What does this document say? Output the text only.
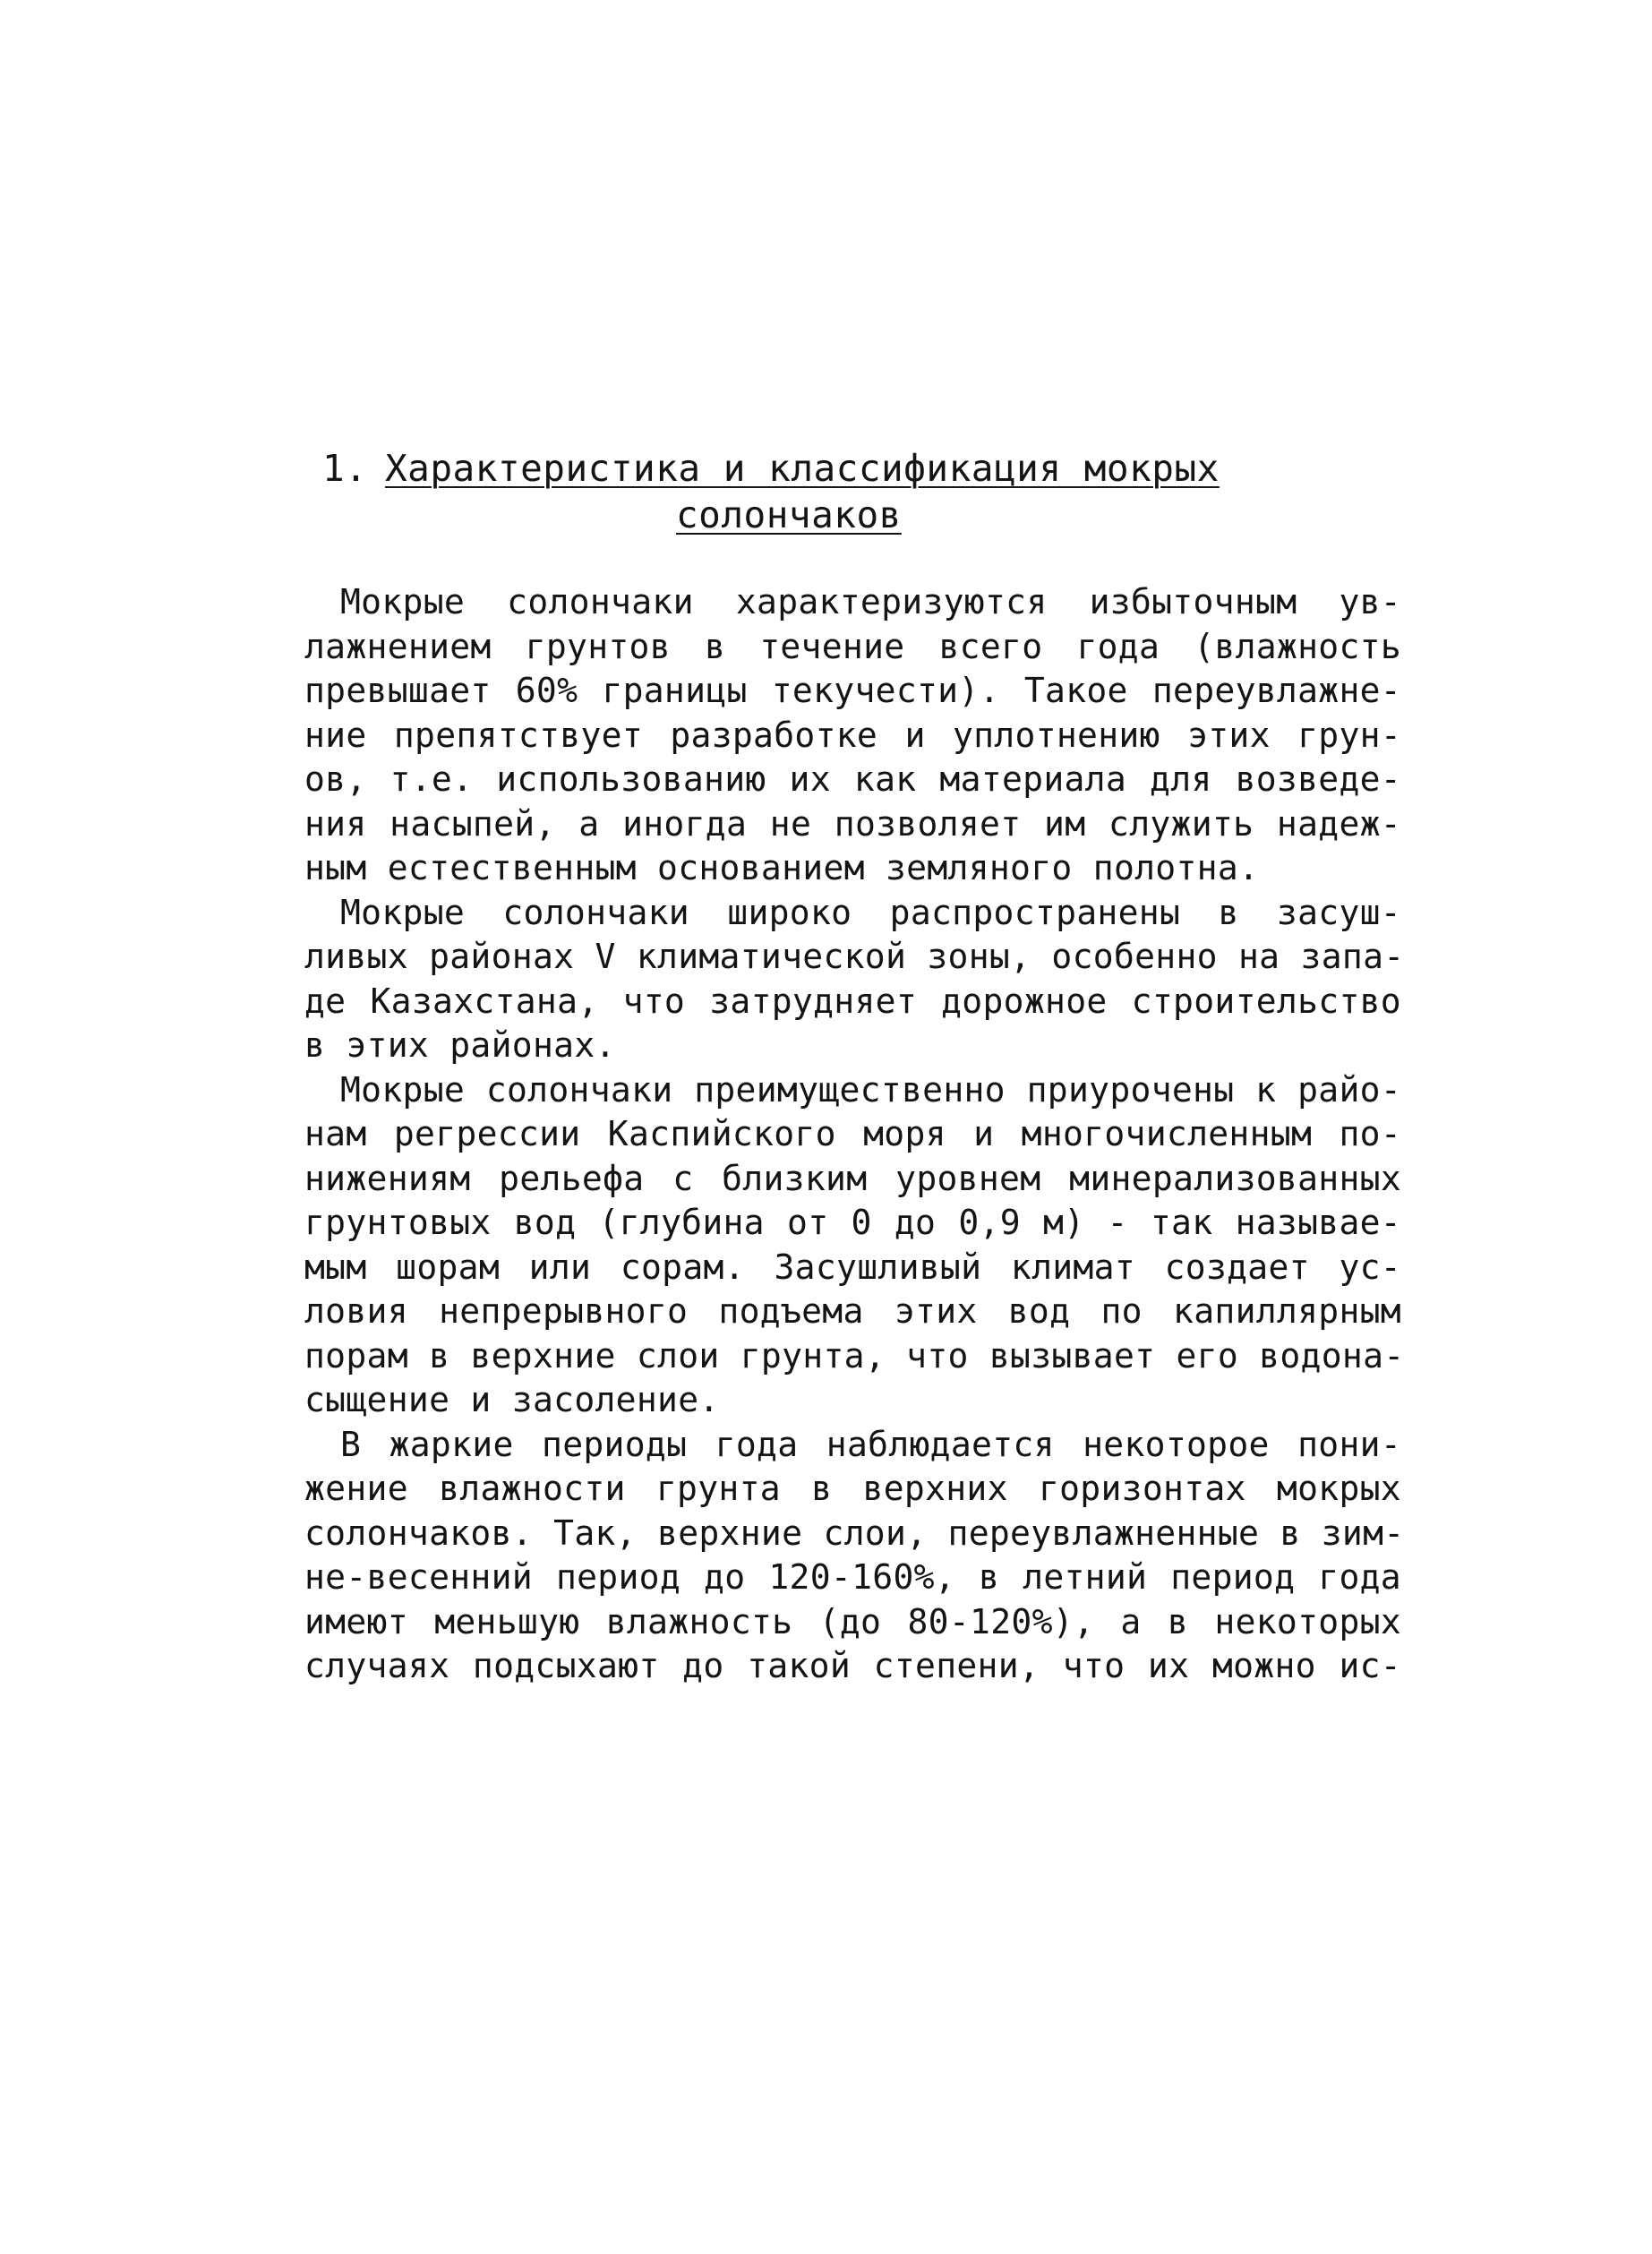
1. Характеристика и классификация мокрых
солончаков
Мокрые солончаки характеризуются избыточным ув-
лажнением грунтов в течение всего года (влажность
превышает 60% границы текучести). Такое переувлажне-
ние препятствует разработке и уплотнению этих грун-
ов, т.е. использованию их как материала для возведе-
ния насыпей, а иногда не позволяет им служить надеж-
ным естественным основанием земляного полотна.
Мокрые солончаки широко распространены в засуш-
ливых районах V климатической зоны, особенно на запа-
де Казахстана, что затрудняет дорожное строительство
в этих районах.
Мокрые солончаки преимущественно приурочены к райо-
нам регрессии Каспийского моря и многочисленным по-
нижениям рельефа с близким уровнем минерализованных
грунтовых вод (глубина от 0 до 0,9 м) - так называе-
мым шорам или сорам. Засушливый климат создает ус-
ловия непрерывного подъема этих вод по капиллярным
порам в верхние слои грунта, что вызывает его водона-
сыщение и засоление.
В жаркие периоды года наблюдается некоторое пони-
жение влажности грунта в верхних горизонтах мокрых
солончаков. Так, верхние слои, переувлажненные в зим-
не-весенний период до 120-160%, в летний период года
имеют меньшую влажность (до 80-120%), а в некоторых
случаях подсыхают до такой степени, что их можно ис-
